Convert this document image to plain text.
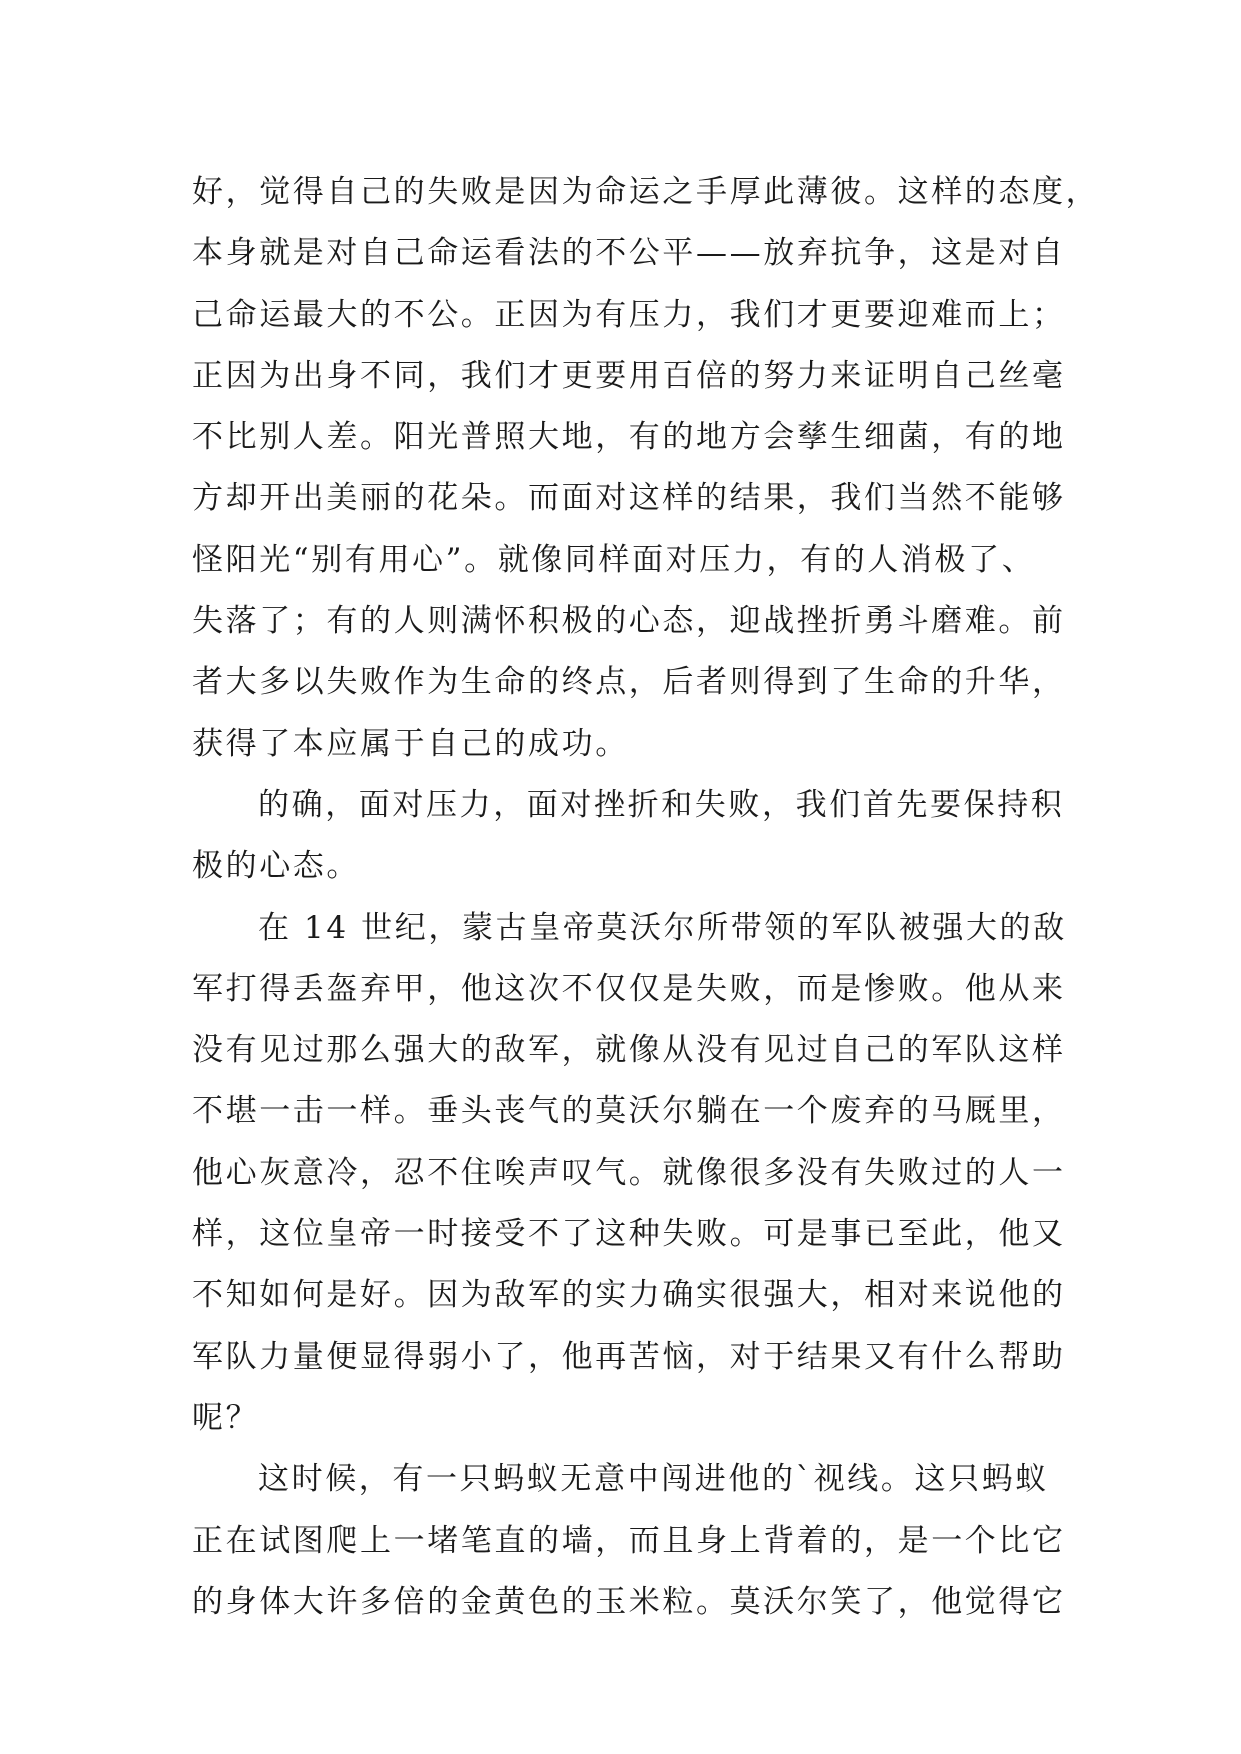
好，觉得自己的失败是因为命运之手厚此薄彼。这样的态度，
本身就是对自己命运看法的不公平——放弃抗争，这是对自
己命运最大的不公。正因为有压力，我们才更要迎难而上；
正因为出身不同，我们才更要用百倍的努力来证明自己丝毫
不比别人差。阳光普照大地，有的地方会孳生细菌，有的地
方却开出美丽的花朵。而面对这样的结果，我们当然不能够
怪阳光“别有用心”。就像同样面对压力，有的人消极了、
失落了；有的人则满怀积极的心态，迎战挫折勇斗磨难。前
者大多以失败作为生命的终点，后者则得到了生命的升华，
获得了本应属于自己的成功。
的确，面对压力，面对挫折和失败，我们首先要保持积
极的心态。
在 14 世纪，蒙古皇帝莫沃尔所带领的军队被强大的敌
军打得丢盔弃甲，他这次不仅仅是失败，而是惨败。他从来
没有见过那么强大的敌军，就像从没有见过自己的军队这样
不堪一击一样。垂头丧气的莫沃尔躺在一个废弃的马厩里，
他心灰意冷，忍不住唉声叹气。就像很多没有失败过的人一
样，这位皇帝一时接受不了这种失败。可是事已至此，他又
不知如何是好。因为敌军的实力确实很强大，相对来说他的
军队力量便显得弱小了，他再苦恼，对于结果又有什么帮助
呢？
这时候，有一只蚂蚁无意中闯进他的`视线。这只蚂蚁
正在试图爬上一堵笔直的墙，而且身上背着的，是一个比它
的身体大许多倍的金黄色的玉米粒。莫沃尔笑了，他觉得它
